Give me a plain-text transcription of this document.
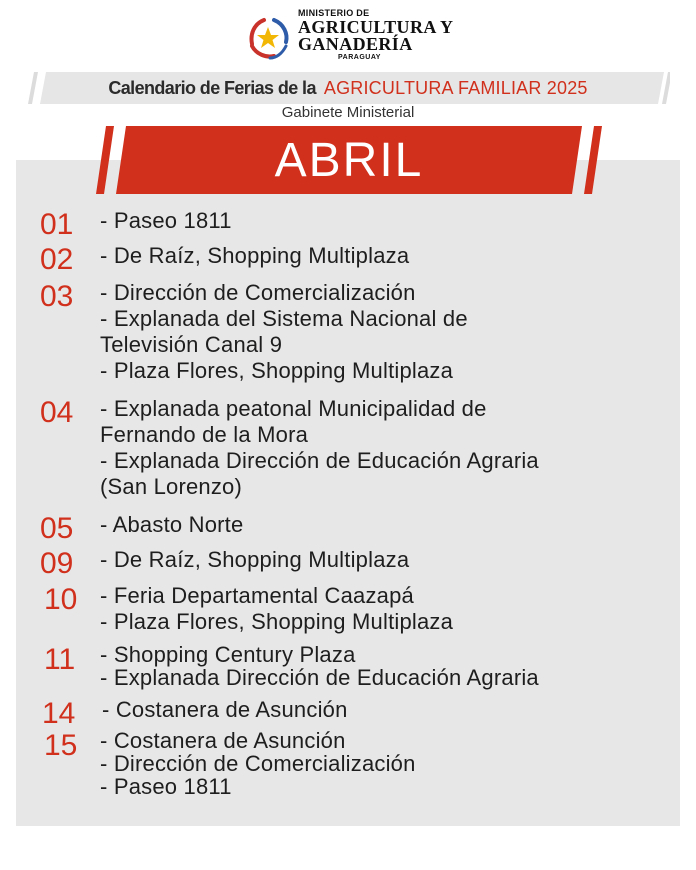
MINISTERIO DE
AGRICULTURA Y
GANADERÍA
PARAGUAY
Calendario de Ferias de la AGRICULTURA FAMILIAR 2025
Gabinete Ministerial
ABRIL
01 - Paseo 1811
02 - De Raíz, Shopping Multiplaza
03 - Dirección de Comercialización
- Explanada del Sistema Nacional de
Televisión Canal 9
- Plaza Flores, Shopping Multiplaza
04 - Explanada peatonal Municipalidad de
Fernando de la Mora
- Explanada Dirección de Educación Agraria
(San Lorenzo)
05 - Abasto Norte
09 - De Raíz, Shopping Multiplaza
10 - Feria Departamental Caazapá
- Plaza Flores, Shopping Multiplaza
11 - Shopping Century Plaza
- Explanada Dirección de Educación Agraria
14 - Costanera de Asunción
15 - Costanera de Asunción
- Dirección de Comercialización
- Paseo 1811
